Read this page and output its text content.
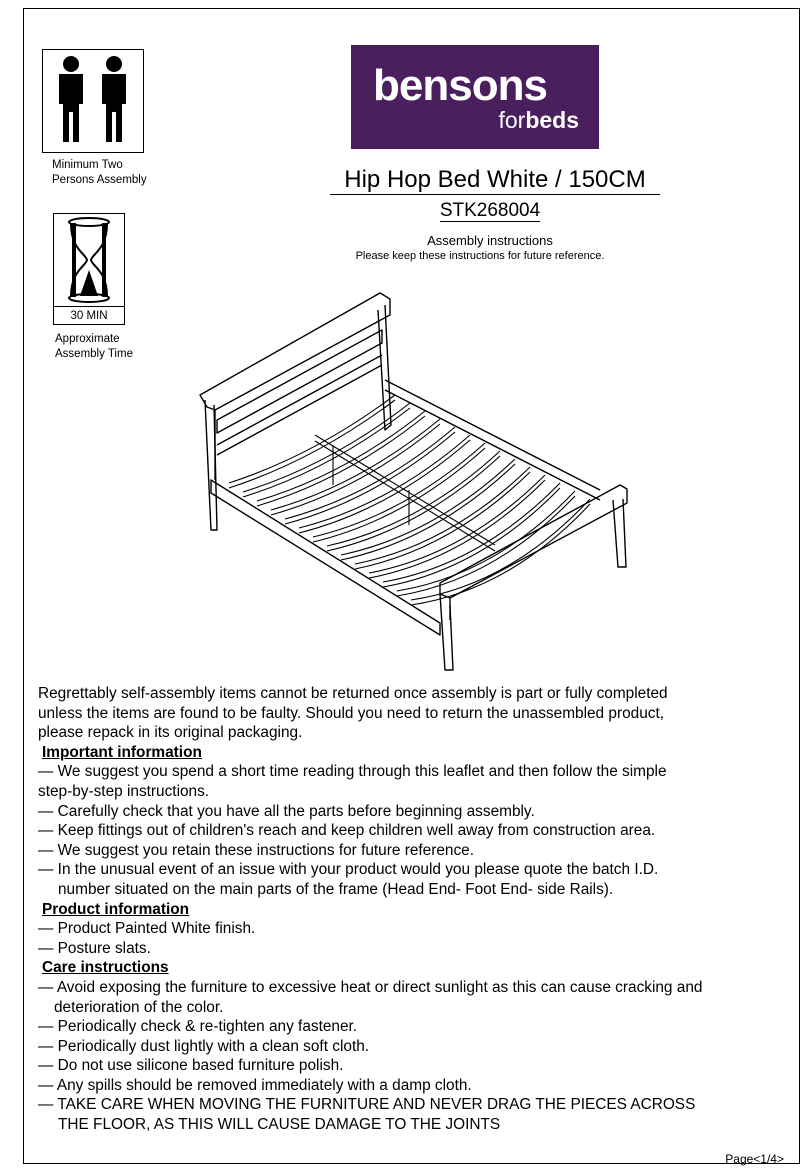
Minimum Two
Persons Assembly
30 MIN
Approximate
Assembly Time
bensons
forbeds
Hip Hop Bed White / 150CM
STK268004
Assembly instructions
Please keep these instructions for future reference.

Regrettably self-assembly items cannot be returned once assembly is part or fully completed

unless the items are found to be faulty. Should you need to return the unassembled product,

please repack in its original packaging.

Important information

— We suggest you spend a short time reading through this leaflet and then follow the simple

step-by-step instructions.

— Carefully check that you have all the parts before beginning assembly.

— Keep fittings out of children's reach and keep children well away from construction area.

— We suggest you retain these instructions for future reference.

— In the unusual event of an issue with your product would you please quote the batch I.D.

number situated on the main parts of the frame (Head End- Foot End- side Rails).

Product information

— Product Painted White finish.

— Posture slats.

Care instructions

— Avoid exposing the furniture to excessive heat or direct sunlight as this can cause cracking and

deterioration of the color.

— Periodically check & re-tighten any fastener.

— Periodically dust lightly with a clean soft cloth.

— Do not use silicone based furniture polish.

— Any spills should be removed immediately with a damp cloth.

— TAKE CARE WHEN MOVING THE FURNITURE AND NEVER DRAG THE PIECES ACROSS

THE FLOOR, AS THIS WILL CAUSE DAMAGE TO THE JOINTS

Page<1/4>
